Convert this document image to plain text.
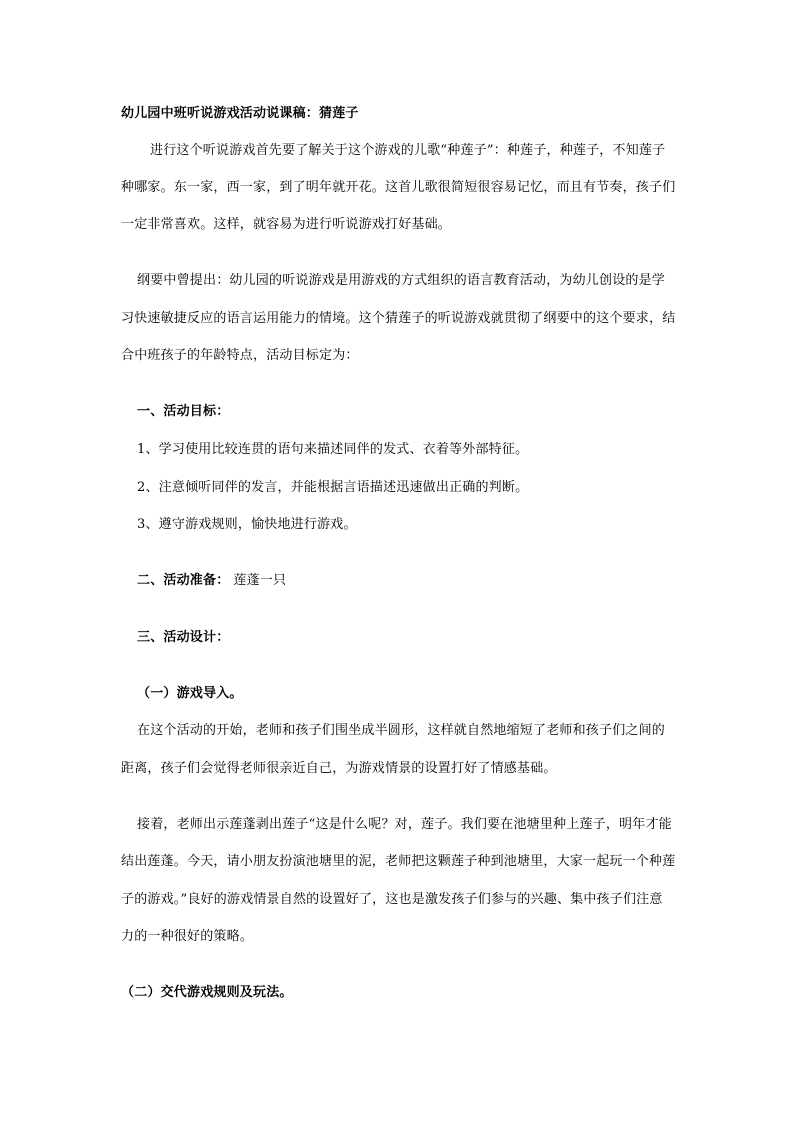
幼儿园中班听说游戏活动说课稿：猜莲子
进行这个听说游戏首先要了解关于这个游戏的儿歌“种莲子”：种莲子，种莲子，不知莲子
种哪家。东一家，西一家，到了明年就开花。这首儿歌很简短很容易记忆，而且有节奏，孩子们
一定非常喜欢。这样，就容易为进行听说游戏打好基础。
纲要中曾提出：幼儿园的听说游戏是用游戏的方式组织的语言教育活动，为幼儿创设的是学
习快速敏捷反应的语言运用能力的情境。这个猜莲子的听说游戏就贯彻了纲要中的这个要求，结
合中班孩子的年龄特点，活动目标定为：
一、活动目标：
1、学习使用比较连贯的语句来描述同伴的发式、衣着等外部特征。
2、注意倾听同伴的发言，并能根据言语描述迅速做出正确的判断。
3、遵守游戏规则，愉快地进行游戏。
二、活动准备： 莲蓬一只
三、活动设计：
（一）游戏导入。
在这个活动的开始，老师和孩子们围坐成半圆形，这样就自然地缩短了老师和孩子们之间的
距离，孩子们会觉得老师很亲近自己，为游戏情景的设置打好了情感基础。
接着，老师出示莲蓬剥出莲子“这是什么呢？对，莲子。我们要在池塘里种上莲子，明年才能
结出莲蓬。今天，请小朋友扮演池塘里的泥，老师把这颗莲子种到池塘里，大家一起玩一个种莲
子的游戏。”良好的游戏情景自然的设置好了，这也是激发孩子们参与的兴趣、集中孩子们注意
力的一种很好的策略。
（二）交代游戏规则及玩法。
